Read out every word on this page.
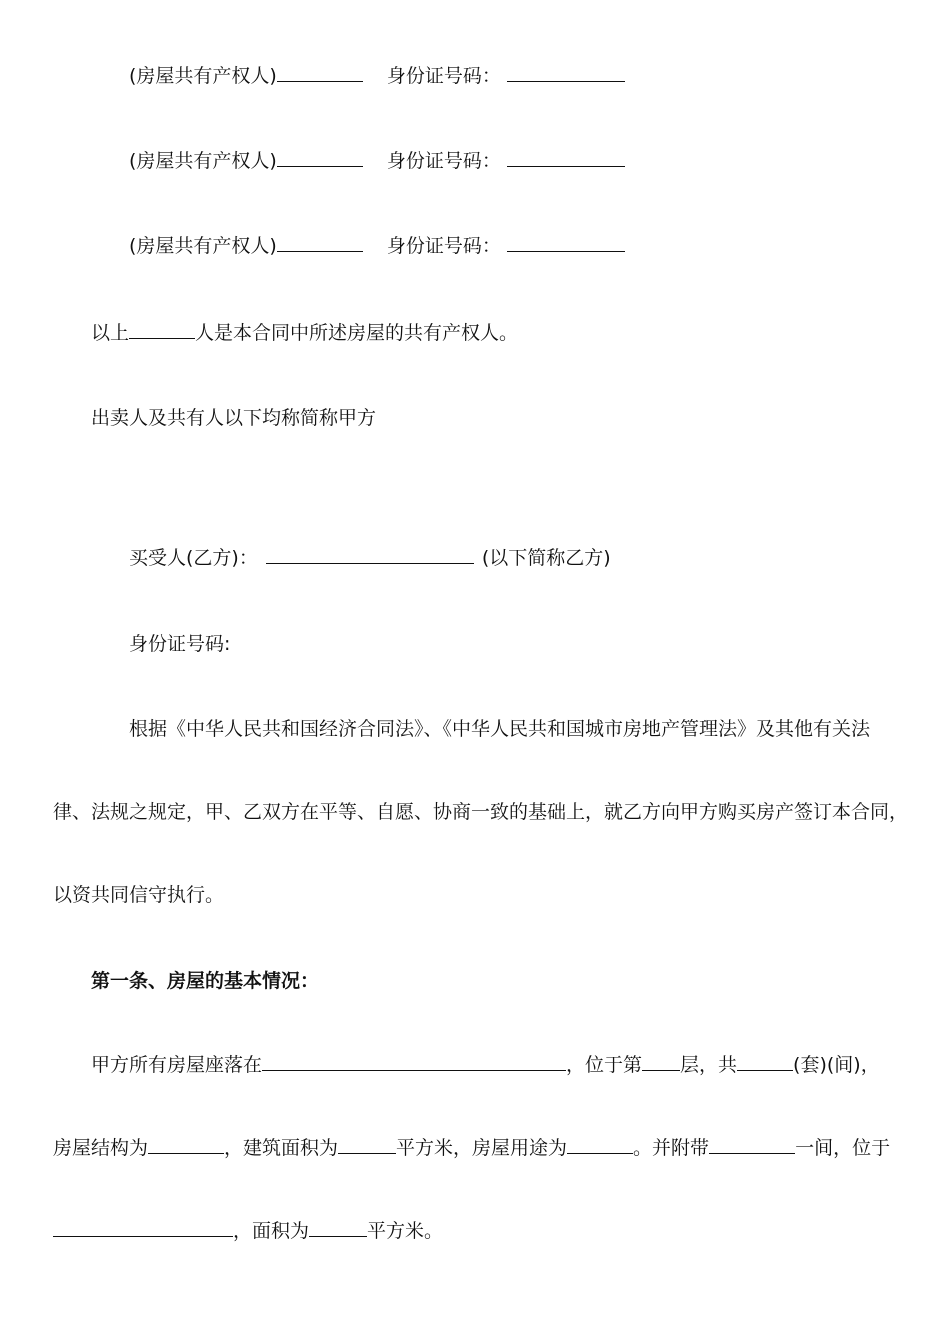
(房屋共有产权人)	身份证号码：
(房屋共有产权人)	身份证号码：
(房屋共有产权人)	身份证号码：
以上	人是本合同中所述房屋的共有产权人。
出卖人及共有人以下均称简称甲方
买受人(乙方)：	(以下简称乙方)
身份证号码:
根据《中华人民共和国经济合同法》、《中华人民共和国城市房地产管理法》及其他有关法
律、法规之规定，甲、乙双方在平等、自愿、协商一致的基础上，就乙方向甲方购买房产签订本合同，
以资共同信守执行。
第一条、房屋的基本情况：
甲方所有房屋座落在	，位于第 层，共	(套)(间)，
房屋结构为	，建筑面积为	平方米，房屋用途为	。并附带	一间，位于
，面积为	平方米。
